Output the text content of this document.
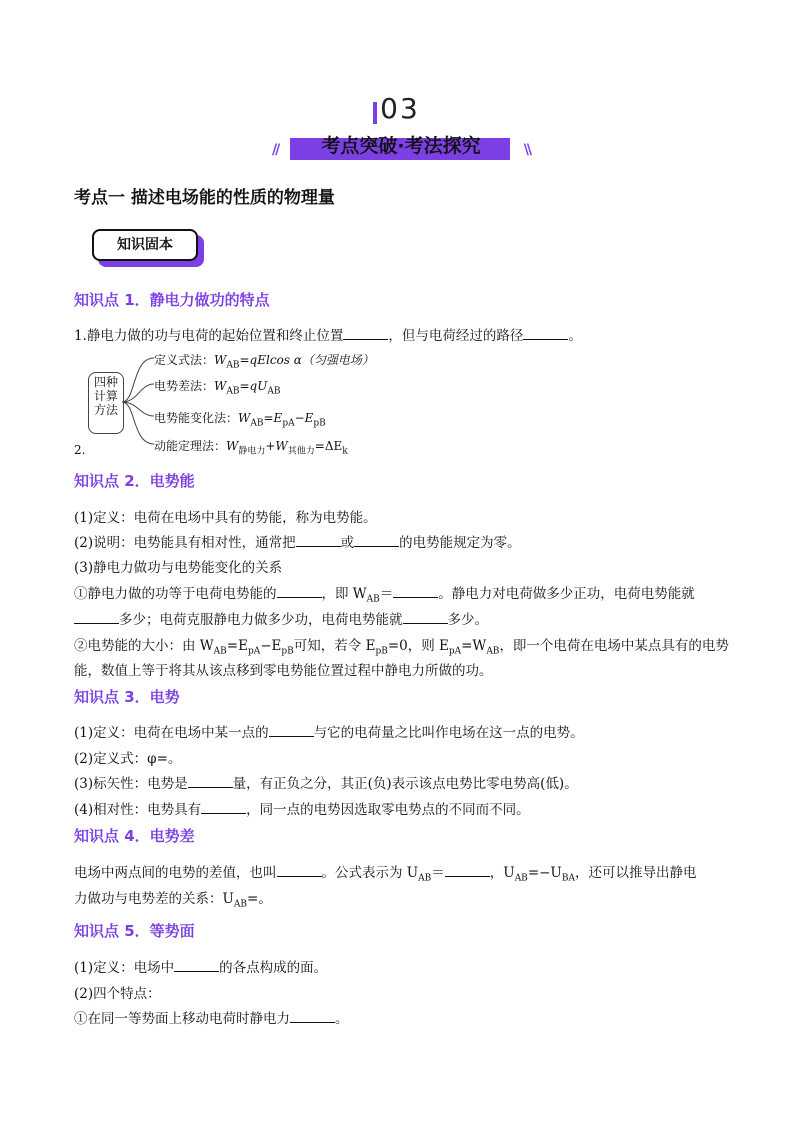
03
//	\\
考点突破·考法探究
考点一 描述电场能的性质的物理量
知识固本
知识点 1．静电力做功的特点
1.静电力做的功与电荷的起始位置和终止位置	，但与电荷经过的路径	。
四种计算方法
定义式法：$W_{AB}=qElcos$ α（匀强电场）
电势差法：$W_{AB}=qU_{AB}$
电势能变化法：$W_{AB}=E_{pA}-E_{pB}$
动能定理法：$W_{静电力}+W_{其他力}=\Delta E_k$
2.
知识点 2．电势能
(1)定义：电荷在电场中具有的势能，称为电势能。
(2)说明：电势能具有相对性，通常把	或	的电势能规定为零。
(3)静电力做功与电势能变化的关系
①静电力做的功等于电荷电势能的	，即 $W_{AB}=$	。静电力对电荷做多少正功，电荷电势能就
多少；电荷克服静电力做多少功，电荷电势能就	多少。
②电势能的大小：由 $W_{AB}=E_{pA}-E_{pB}$可知，若令 $E_{pB}=0$，则 $E_{pA}=W_{AB}$，即一个电荷在电场中某点具有的电势
能，数值上等于将其从该点移到零电势能位置过程中静电力所做的功。
知识点 3．电势
(1)定义：电荷在电场中某一点的	与它的电荷量之比叫作电场在这一点的电势。
(2)定义式：φ=。
(3)标矢性：电势是	量，有正负之分，其正(负)表示该点电势比零电势高(低)。
(4)相对性：电势具有	，同一点的电势因选取零电势点的不同而不同。
知识点 4．电势差
电场中两点间的电势的差值，也叫	。公式表示为 $U_{AB}=$	，$U_{AB}=-U_{BA}$，还可以推导出静电
力做功与电势差的关系：$U_{AB}=$。
知识点 5．等势面
(1)定义：电场中	的各点构成的面。
(2)四个特点：
①在同一等势面上移动电荷时静电力	。
